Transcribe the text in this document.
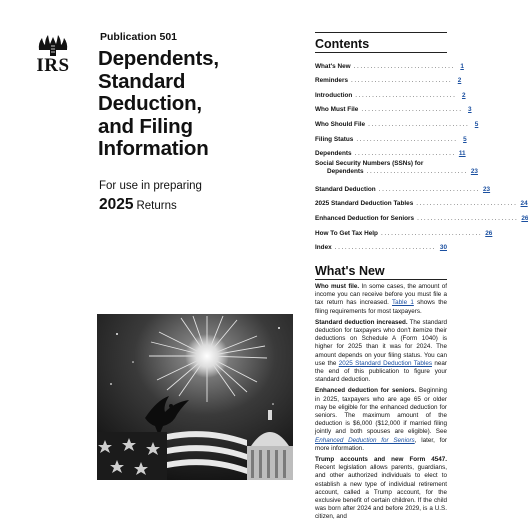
IRS
Publication 501
Dependents,
Standard
Deduction,
and Filing
Information
For use in preparing
2025 Returns
Contents
What's New .............................. 1
Reminders .............................. 2
Introduction .............................. 2
Who Must File .............................. 3
Who Should File .............................. 5
Filing Status .............................. 5
Dependents .............................. 11
Social Security Numbers (SSNs) for
Dependents .............................. 23
Standard Deduction .............................. 23
2025 Standard Deduction Tables .............................. 24
Enhanced Deduction for Seniors .............................. 26
How To Get Tax Help .............................. 26
Index .............................. 30
What's New

Who must file. In some cases, the amount of income you can receive before you must file a tax return has increased. Table 1 shows the filing requirements for most taxpayers.

Standard deduction increased. The standard deduction for taxpayers who don't itemize their deductions on Schedule A (Form 1040) is higher for 2025 than it was for 2024. The amount depends on your filing status. You can use the 2025 Standard Deduction Tables near the end of this publication to figure your standard deduction.

Enhanced deduction for seniors. Beginning in 2025, taxpayers who are age 65 or older may be eligible for the enhanced deduction for seniors. The maximum amount of the deduction is $6,000 ($12,000 if married filing jointly and both spouses are eligible). See Enhanced Deduction for Seniors, later, for more information.

Trump accounts and new Form 4547. Recent legislation allows parents, guardians, and other authorized individuals to elect to establish a new type of individual retirement account, called a Trump account, for the exclusive benefit of certain children. If the child was born after 2024 and before 2029, is a U.S. citizen, and
